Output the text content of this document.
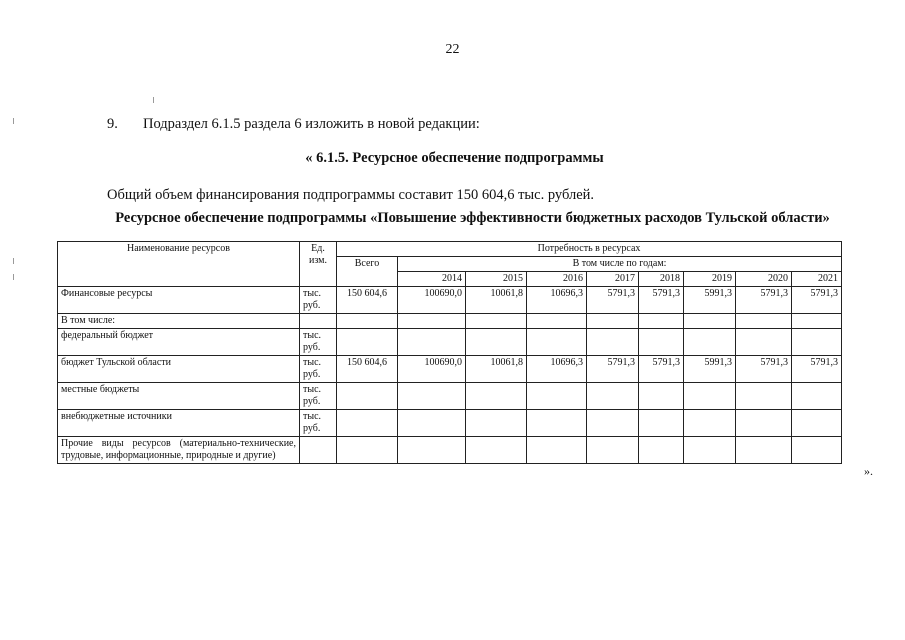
22
9. Подраздел 6.1.5 раздела 6 изложить в новой редакции:
« 6.1.5. Ресурсное обеспечение подпрограммы
Общий объем финансирования подпрограммы составит 150 604,6 тыс. рублей.
Ресурсное обеспечение подпрограммы «Повышение эффективности бюджетных расходов Тульской области»
Наименование ресурсов	Ед. изм.	Потребность в ресурсах								
		Всего	В том числе по годам:							
			2014	2015	2016	2017	2018	2019	2020	2021
Финансовые ресурсы	тыс. руб.	150 604,6	100690,0	10061,8	10696,3	5791,3	5791,3	5991,3	5791,3	5791,3
В том числе:										
федеральный бюджет	тыс. руб.									
бюджет Тульской области	тыс. руб.	150 604,6	100690,0	10061,8	10696,3	5791,3	5791,3	5991,3	5791,3	5791,3
местные бюджеты	тыс. руб.									
внебюджетные источники	тыс. руб.									
Прочие виды ресурсов (материально-технические, трудовые, информационные, природные и другие)										
».
